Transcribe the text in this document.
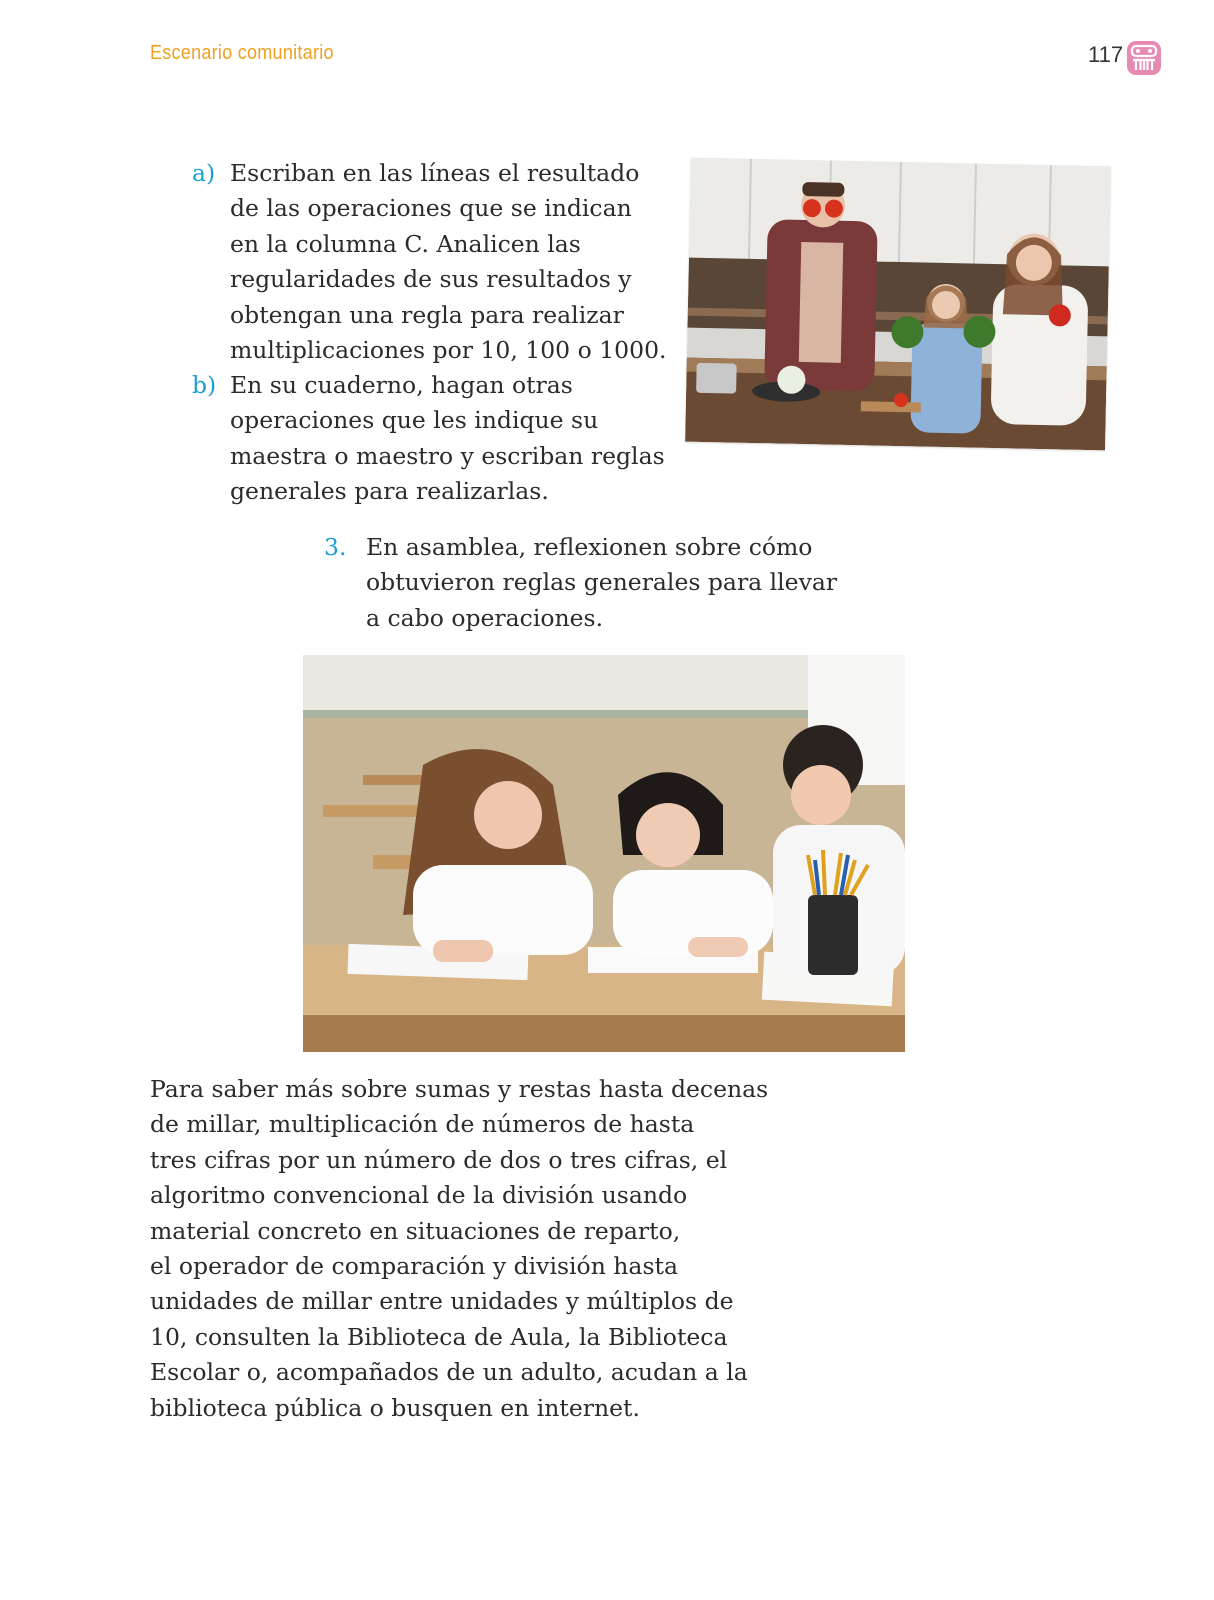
Escenario comunitario	117
a) Escriban en las líneas el resultado
de las operaciones que se indican
en la columna C. Analicen las
regularidades de sus resultados y
obtengan una regla para realizar
multiplicaciones por 10, 100 o 1000.
b) En su cuaderno, hagan otras
operaciones que les indique su
maestra o maestro y escriban reglas
generales para realizarlas.
3. En asamblea, reflexionen sobre cómo
obtuvieron reglas generales para llevar
a cabo operaciones.
Para saber más sobre sumas y restas hasta decenas
de millar, multiplicación de números de hasta
tres cifras por un número de dos o tres cifras, el
algoritmo convencional de la división usando
material concreto en situaciones de reparto,
el operador de comparación y división hasta
unidades de millar entre unidades y múltiplos de
10, consulten la Biblioteca de Aula, la Biblioteca
Escolar o, acompañados de un adulto, acudan a la
biblioteca pública o busquen en internet.
